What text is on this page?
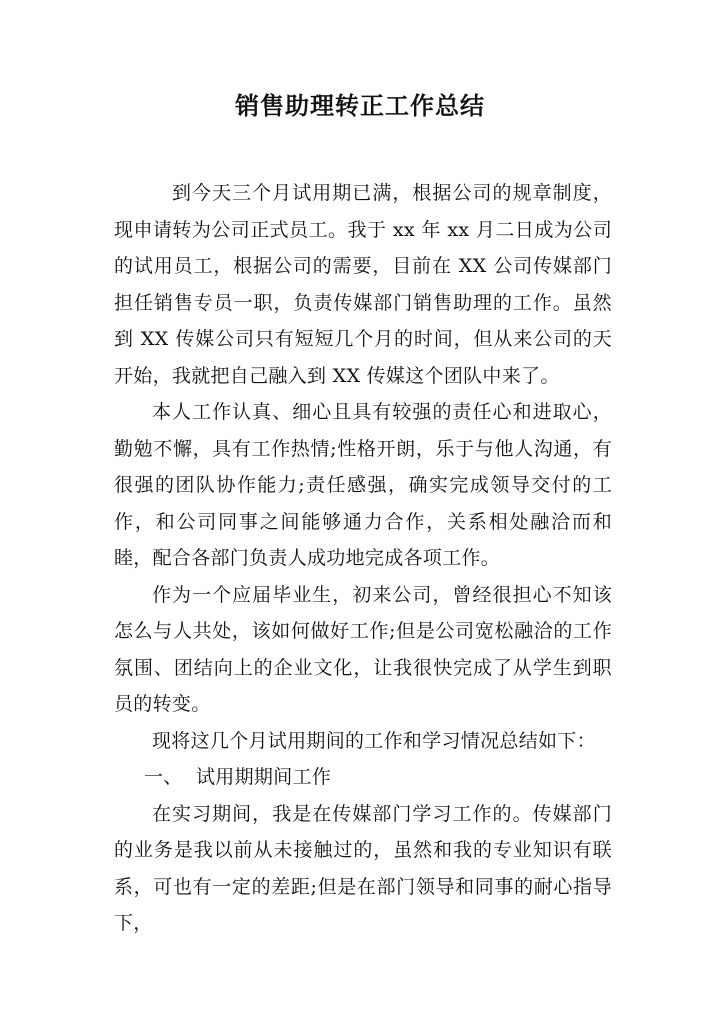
销售助理转正工作总结

到今天三个月试用期已满，根据公司的规章制度，现申请转为公司正式员工。我于 xx 年 xx 月二日成为公司的试用员工，根据公司的需要，目前在 XX 公司传媒部门担任销售专员一职，负责传媒部门销售助理的工作。虽然到 XX 传媒公司只有短短几个月的时间，但从来公司的天开始，我就把自己融入到 XX 传媒这个团队中来了。

本人工作认真、细心且具有较强的责任心和进取心，勤勉不懈，具有工作热情;性格开朗，乐于与他人沟通，有很强的团队协作能力;责任感强，确实完成领导交付的工作，和公司同事之间能够通力合作，关系相处融洽而和睦，配合各部门负责人成功地完成各项工作。

作为一个应届毕业生，初来公司，曾经很担心不知该怎么与人共处，该如何做好工作;但是公司宽松融洽的工作氛围、团结向上的企业文化，让我很快完成了从学生到职员的转变。

现将这几个月试用期间的工作和学习情况总结如下：

一、 试用期期间工作

在实习期间，我是在传媒部门学习工作的。传媒部门的业务是我以前从未接触过的，虽然和我的专业知识有联系，可也有一定的差距;但是在部门领导和同事的耐心指导下，
